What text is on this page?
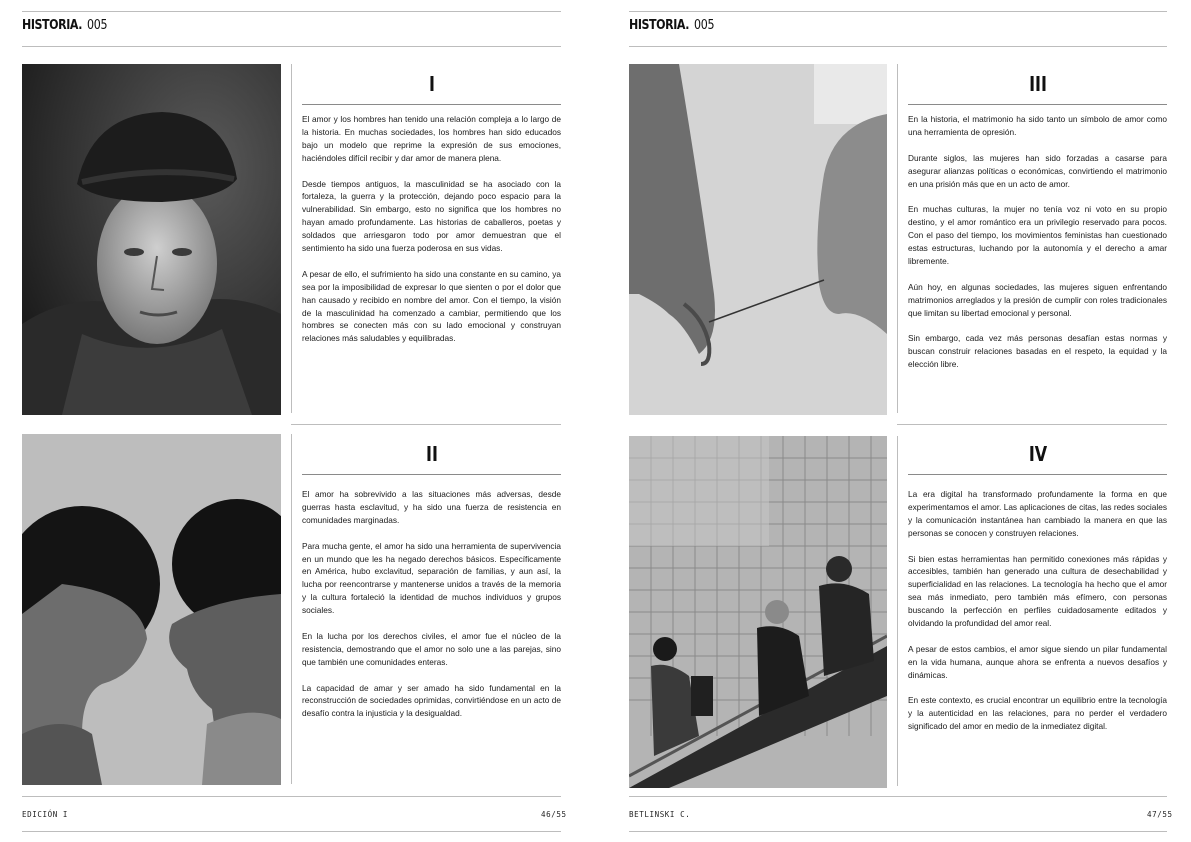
HISTORIA. 005	HISTORIA. 005
EDICIÓN I	46/55	BETLINSKI C.	47/55
I

El amor y los hombres han tenido una relación compleja a lo largo de la historia. En muchas sociedades, los hombres han sido educados bajo un modelo que reprime la expresión de sus emociones, haciéndoles difícil recibir y dar amor de manera plena.

Desde tiempos antiguos, la masculinidad se ha asociado con la fortaleza, la guerra y la protección, dejando poco espacio para la vulnerabilidad. Sin embargo, esto no significa que los hombres no hayan amado profundamente. Las historias de caballeros, poetas y soldados que arriesgaron todo por amor demuestran que el sentimiento ha sido una fuerza poderosa en sus vidas.

A pesar de ello, el sufrimiento ha sido una constante en su camino, ya sea por la imposibilidad de expresar lo que sienten o por el dolor que han causado y recibido en nombre del amor. Con el tiempo, la visión de la masculinidad ha comenzado a cambiar, permitiendo que los hombres se conecten más con su lado emocional y construyan relaciones más saludables y equilibradas.

II

El amor ha sobrevivido a las situaciones más adversas, desde guerras hasta esclavitud, y ha sido una fuerza de resistencia en comunidades marginadas.

Para mucha gente, el amor ha sido una herramienta de supervivencia en un mundo que les ha negado derechos básicos. Específicamente en América, hubo exclavitud, separación de familias, y aun así, la lucha por reencontrarse y mantenerse unidos a través de la memoria y la cultura fortaleció la identidad de muchos individuos y grupos sociales.

En la lucha por los derechos civiles, el amor fue el núcleo de la resistencia, demostrando que el amor no solo une a las parejas, sino que también une comunidades enteras.

La capacidad de amar y ser amado ha sido fundamental en la reconstrucción de sociedades oprimidas, convirtiéndose en un acto de desafío contra la injusticia y la desigualdad.

III

En la historia, el matrimonio ha sido tanto un símbolo de amor como una herramienta de opresión.

Durante siglos, las mujeres han sido forzadas a casarse para asegurar alianzas políticas o económicas, convirtiendo el matrimonio en una prisión más que en un acto de amor.

En muchas culturas, la mujer no tenía voz ni voto en su propio destino, y el amor romántico era un privilegio reservado para pocos. Con el paso del tiempo, los movimientos feministas han cuestionado estas estructuras, luchando por la autonomía y el derecho a amar libremente.

Aún hoy, en algunas sociedades, las mujeres siguen enfrentando matrimonios arreglados y la presión de cumplir con roles tradicionales que limitan su libertad emocional y personal.

Sin embargo, cada vez más personas desafían estas normas y buscan construir relaciones basadas en el respeto, la equidad y la elección libre.

IV

La era digital ha transformado profundamente la forma en que experimentamos el amor. Las aplicaciones de citas, las redes sociales y la comunicación instantánea han cambiado la manera en que las personas se conocen y construyen relaciones.

Si bien estas herramientas han permitido conexiones más rápidas y accesibles, también han generado una cultura de desechabilidad y superficialidad en las relaciones. La tecnología ha hecho que el amor sea más inmediato, pero también más efímero, con personas buscando la perfección en perfiles cuidadosamente editados y olvidando la profundidad del amor real.

A pesar de estos cambios, el amor sigue siendo un pilar fundamental en la vida humana, aunque ahora se enfrenta a nuevos desafíos y dinámicas.

En este contexto, es crucial encontrar un equilibrio entre la tecnología y la autenticidad en las relaciones, para no perder el verdadero significado del amor en medio de la inmediatez digital.
